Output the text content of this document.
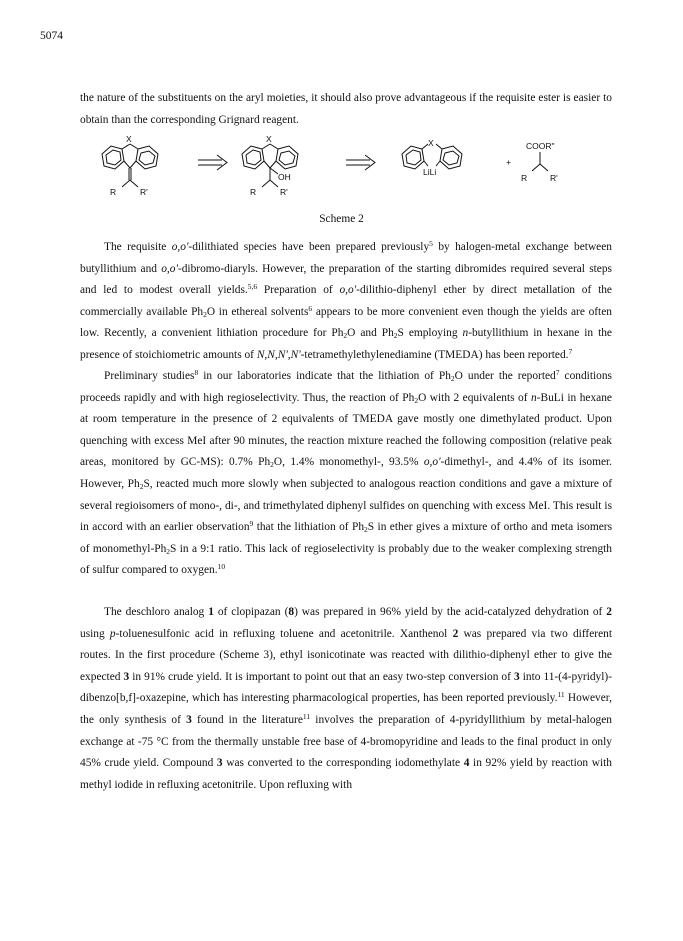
5074

the nature of the substituents on the aryl moieties, it should also prove advantageous if the requisite ester is easier to obtain than the corresponding Grignard reagent.

X
R	R'
X
OH
R	R'
X
LiLi
+
COOR"
R	R'
Scheme 2

The requisite o,o'-dilithiated species have been prepared previously$^5$ by halogen-metal exchange between butyllithium and o,o'-dibromo-diaryls. However, the preparation of the starting dibromides required several steps and led to modest overall yields.$^{5,6}$ Preparation of o,o'-dilithio-diphenyl ether by direct metallation of the commercially available $Ph_2O$ in ethereal solvents$^6$ appears to be more convenient even though the yields are often low. Recently, a convenient lithiation procedure for $Ph_2O$ and $Ph_2S$ employing n-butyllithium in hexane in the presence of stoichiometric amounts of N,N,N',N'-tetramethylethylenediamine (TMEDA) has been reported.$^7$

Preliminary studies$^8$ in our laboratories indicate that the lithiation of $Ph_2O$ under the reported$^7$ conditions proceeds rapidly and with high regioselectivity. Thus, the reaction of $Ph_2O$ with 2 equivalents of n-BuLi in hexane at room temperature in the presence of 2 equivalents of TMEDA gave mostly one dimethylated product. Upon quenching with excess MeI after 90 minutes, the reaction mixture reached the following composition (relative peak areas, monitored by GC-MS): 0.7% $Ph_2O$, 1.4% monomethyl-, 93.5% o,o'-dimethyl-, and 4.4% of its isomer. However, $Ph_2S$, reacted much more slowly when subjected to analogous reaction conditions and gave a mixture of several regioisomers of mono-, di-, and trimethylated diphenyl sulfides on quenching with excess MeI. This result is in accord with an earlier observation$^9$ that the lithiation of $Ph_2S$ in ether gives a mixture of ortho and meta isomers of monomethyl-$Ph_2S$ in a 9:1 ratio. This lack of regioselectivity is probably due to the weaker complexing strength of sulfur compared to oxygen.$^{10}$

The deschloro analog 1 of clopipazan (8) was prepared in 96% yield by the acid-catalyzed dehydration of 2 using p-toluenesulfonic acid in refluxing toluene and acetonitrile. Xanthenol 2 was prepared via two different routes. In the first procedure (Scheme 3), ethyl isonicotinate was reacted with dilithio-diphenyl ether to give the expected 3 in 91% crude yield. It is important to point out that an easy two-step conversion of 3 into 11-(4-pyridyl)-dibenzo[b,f]-oxazepine, which has interesting pharmacological properties, has been reported previously.$^{11}$ However, the only synthesis of 3 found in the literature$^{11}$ involves the preparation of 4-pyridyllithium by metal-halogen exchange at -75 °C from the thermally unstable free base of 4-bromopyridine and leads to the final product in only 45% crude yield. Compound 3 was converted to the corresponding iodomethylate 4 in 92% yield by reaction with methyl iodide in refluxing acetonitrile. Upon refluxing with
